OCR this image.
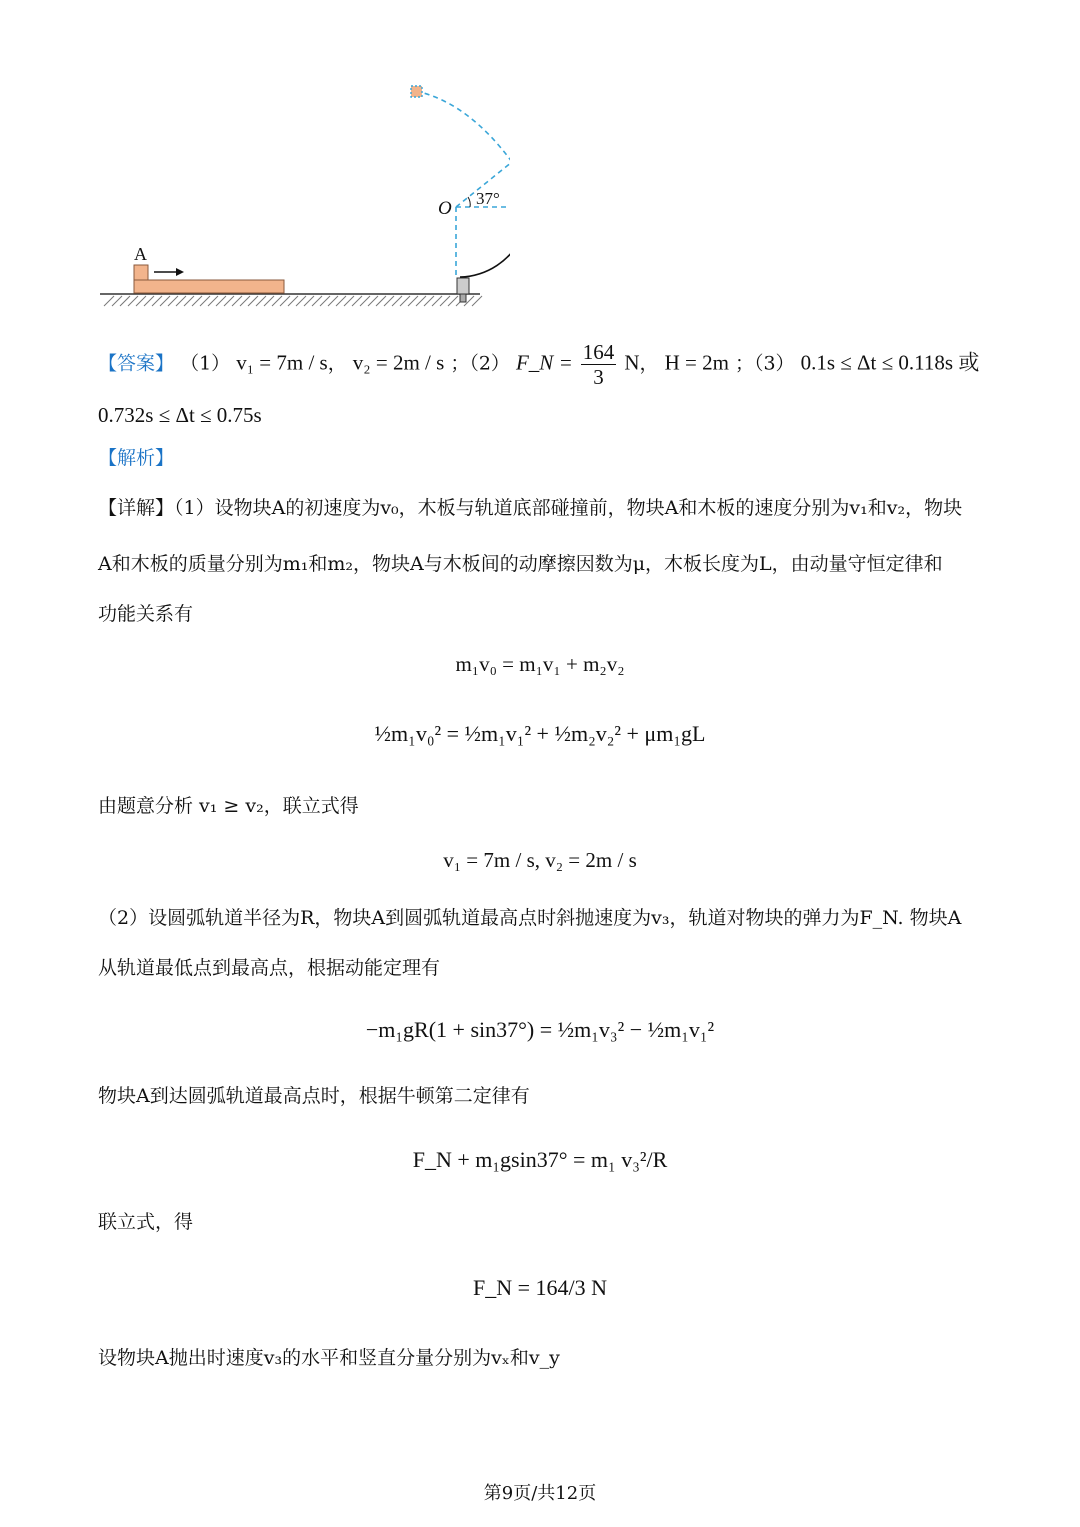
A
37°
O
【答案】 （1） v₁ = 7m / s， v₂ = 2m / s ；（2） F_N = $\frac{164}{3}$ N， H = 2m ；（3） 0.1s ≤ Δt ≤ 0.118s 或
0.732s ≤ Δt ≤ 0.75s
【解析】
【详解】（1）设物块A的初速度为v₀，木板与轨道底部碰撞前，物块A和木板的速度分别为v₁和v₂，物块
A和木板的质量分别为m₁和m₂，物块A与木板间的动摩擦因数为μ，木板长度为L，由动量守恒定律和
功能关系有
m₁v₀ = m₁v₁ + m₂v₂
½m₁v₀² = ½m₁v₁² + ½m₂v₂² + μm₁gL
由题意分析 v₁ ≥ v₂，联立式得
v₁ = 7m / s, v₂ = 2m / s
（2）设圆弧轨道半径为R，物块A到圆弧轨道最高点时斜抛速度为v₃，轨道对物块的弹力为F_N. 物块A
从轨道最低点到最高点，根据动能定理有
−m₁gR(1 + sin37°) = ½m₁v₃² − ½m₁v₁²
物块A到达圆弧轨道最高点时，根据牛顿第二定律有
F_N + m₁gsin37° = m₁ v₃²/R
联立式，得
F_N = 164/3 N
设物块A抛出时速度v₃的水平和竖直分量分别为vₓ和v_y
第9页/共12页
